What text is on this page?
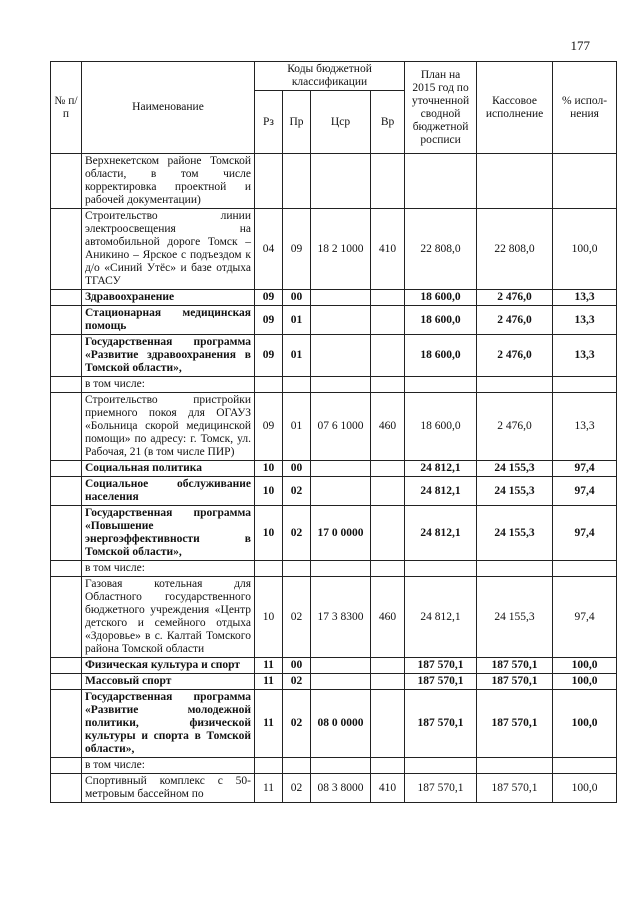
177
№ п/п	Наименование	Коды бюджетной классификации				План на 2015 год по уточненной сводной бюджетной росписи	Кассовое исполнение	% испол-нения
		Рз	Пр	Цср	Вр			
	Верхнекетском районе Томской области, в том числе корректировка проектной и рабочей документации)							
	Строительство линии электроосвещения на автомобильной дороге Томск – Аникино – Ярское с подъездом к д/о «Синий Утёс» и базе отдыха ТГАСУ	04	09	18 2 1000	410	22 808,0	22 808,0	100,0
	Здравоохранение	09	00			18 600,0	2 476,0	13,3
	Стационарная медицинская помощь	09	01			18 600,0	2 476,0	13,3
	Государственная программа «Развитие здравоохранения в Томской области»,	09	01			18 600,0	2 476,0	13,3
	в том числе:							
	Строительство пристройки приемного покоя для ОГАУЗ «Больница скорой медицинской помощи» по адресу: г. Томск, ул. Рабочая, 21 (в том числе ПИР)	09	01	07 6 1000	460	18 600,0	2 476,0	13,3
	Социальная политика	10	00			24 812,1	24 155,3	97,4
	Социальное обслуживание населения	10	02			24 812,1	24 155,3	97,4
	Государственная программа «Повышение энергоэффективности в Томской области»,	10	02	17 0 0000		24 812,1	24 155,3	97,4
	в том числе:							
	Газовая котельная для Областного государственного бюджетного учреждения «Центр детского и семейного отдыха «Здоровье» в с. Калтай Томского района Томской области	10	02	17 3 8300	460	24 812,1	24 155,3	97,4
	Физическая культура и спорт	11	00			187 570,1	187 570,1	100,0
	Массовый спорт	11	02			187 570,1	187 570,1	100,0
	Государственная программа «Развитие молодежной политики, физической культуры и спорта в Томской области»,	11	02	08 0 0000		187 570,1	187 570,1	100,0
	в том числе:							
	Спортивный комплекс с 50-метровым бассейном по	11	02	08 3 8000	410	187 570,1	187 570,1	100,0
